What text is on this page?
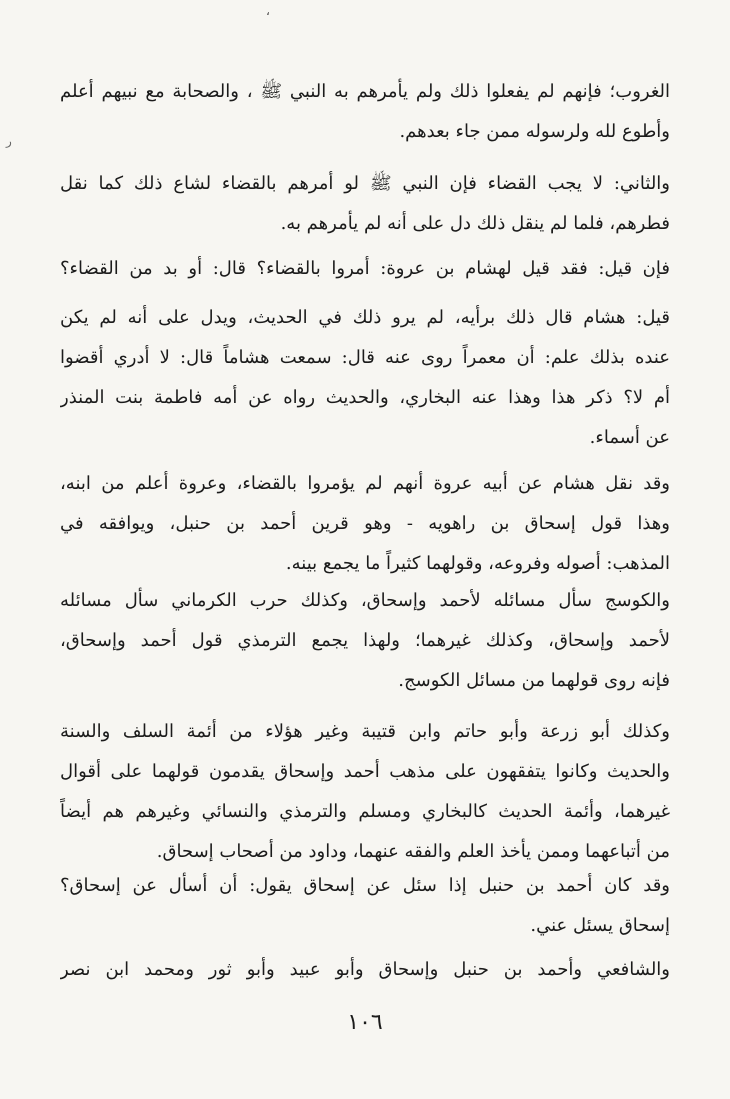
،
ر
الغروب؛ فإنهم لم يفعلوا ذلك ولم يأمرهم به النبي ﷺ ، والصحابة مع نبيهم أعلم
وأطوع لله ولرسوله ممن جاء بعدهم.
والثاني: لا يجب القضاء فإن النبي ﷺ لو أمرهم بالقضاء لشاع ذلك كما نقل
فطرهم، فلما لم ينقل ذلك دل على أنه لم يأمرهم به.
فإن قيل: فقد قيل لهشام بن عروة: أمروا بالقضاء؟ قال: أو بد من القضاء؟
قيل: هشام قال ذلك برأيه، لم يرو ذلك في الحديث، ويدل على أنه لم يكن
عنده بذلك علم: أن معمراً روى عنه قال: سمعت هشاماً قال: لا أدري أقضوا
أم لا؟ ذكر هذا وهذا عنه البخاري، والحديث رواه عن أمه فاطمة بنت المنذر
عن أسماء.
وقد نقل هشام عن أبيه عروة أنهم لم يؤمروا بالقضاء، وعروة أعلم من ابنه،
وهذا قول إسحاق بن راهويه - وهو قرين أحمد بن حنبل، ويوافقه في
المذهب: أصوله وفروعه، وقولهما كثيراً ما يجمع بينه.
والكوسج سأل مسائله لأحمد وإسحاق، وكذلك حرب الكرماني سأل مسائله
لأحمد وإسحاق، وكذلك غيرهما؛ ولهذا يجمع الترمذي قول أحمد وإسحاق،
فإنه روى قولهما من مسائل الكوسج.
وكذلك أبو زرعة وأبو حاتم وابن قتيبة وغير هؤلاء من أئمة السلف والسنة
والحديث وكانوا يتفقهون على مذهب أحمد وإسحاق يقدمون قولهما على أقوال
غيرهما، وأئمة الحديث كالبخاري ومسلم والترمذي والنسائي وغيرهم هم أيضاً
من أتباعهما وممن يأخذ العلم والفقه عنهما، وداود من أصحاب إسحاق.
وقد كان أحمد بن حنبل إذا سئل عن إسحاق يقول: أن أسأل عن إسحاق؟
إسحاق يسئل عني.
والشافعي وأحمد بن حنبل وإسحاق وأبو عبيد وأبو ثور ومحمد ابن نصر
١٠٦
